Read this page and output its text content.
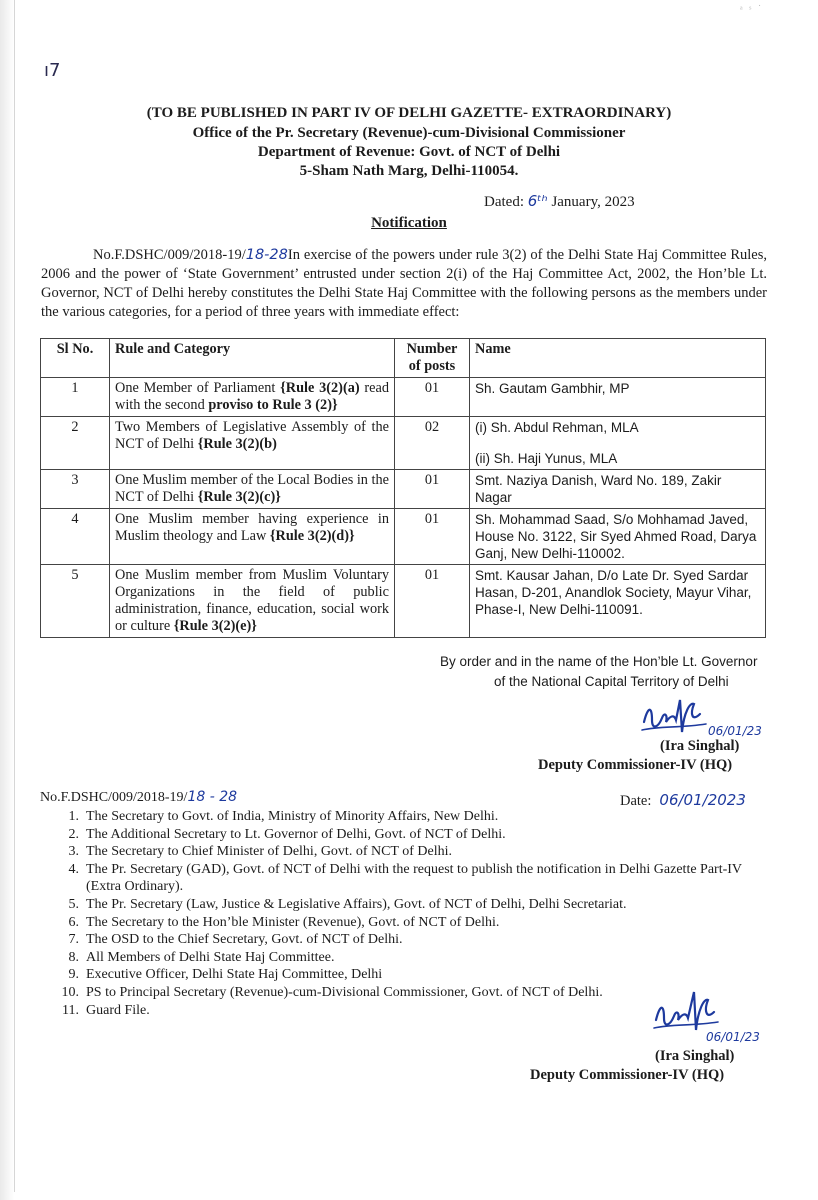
ı7
ᵃ ˢ ˙
(TO BE PUBLISHED IN PART IV OF DELHI GAZETTE- EXTRAORDINARY)
Office of the Pr. Secretary (Revenue)-cum-Divisional Commissioner
Department of Revenue: Govt. of NCT of Delhi
5-Sham Nath Marg, Delhi-110054.
Dated: 6ᵗʰ January, 2023
Notification
No.F.DSHC/009/2018-19/18-28In exercise of the powers under rule 3(2) of the Delhi State Haj Committee Rules, 2006 and the power of ‘State Government’ entrusted under section 2(i) of the Haj Committee Act, 2002, the Hon’ble Lt. Governor, NCT of Delhi hereby constitutes the Delhi State Haj Committee with the following persons as the members under the various categories, for a period of three years with immediate effect:
Sl No.	Rule and Category	Number of posts	Name
1	One Member of Parliament {Rule 3(2)(a) read with the second proviso to Rule 3 (2)}	01	Sh. Gautam Gambhir, MP
2	Two Members of Legislative Assembly of the NCT of Delhi {Rule 3(2)(b)	02	(i) Sh. Abdul Rehman, MLA
(ii) Sh. Haji Yunus, MLA
3	One Muslim member of the Local Bodies in the NCT of Delhi {Rule 3(2)(c)}	01	Smt. Naziya Danish, Ward No. 189, Zakir Nagar
4	One Muslim member having experience in Muslim theology and Law {Rule 3(2)(d)}	01	Sh. Mohammad Saad, S/o Mohhamad Javed, House No. 3122, Sir Syed Ahmed Road, Darya Ganj, New Delhi-110002.
5	One Muslim member from Muslim Voluntary Organizations in the field of public administration, finance, education, social work or culture {Rule 3(2)(e)}	01	Smt. Kausar Jahan, D/o Late Dr. Syed Sardar Hasan, D-201, Anandlok Society, Mayur Vihar, Phase-I, New Delhi-110091.
By order and in the name of the Hon’ble Lt. Governor
of the National Capital Territory of Delhi
06/01/23
(Ira Singhal)
Deputy Commissioner-IV (HQ)
No.F.DSHC/009/2018-19/18 - 28	Date: 06/01/2023
1. The Secretary to Govt. of India, Ministry of Minority Affairs, New Delhi.
2. The Additional Secretary to Lt. Governor of Delhi, Govt. of NCT of Delhi.
3. The Secretary to Chief Minister of Delhi, Govt. of NCT of Delhi.
4. The Pr. Secretary (GAD), Govt. of NCT of Delhi with the request to publish the notification in Delhi Gazette Part-IV (Extra Ordinary).
5. The Pr. Secretary (Law, Justice & Legislative Affairs), Govt. of NCT of Delhi, Delhi Secretariat.
6. The Secretary to the Hon’ble Minister (Revenue), Govt. of NCT of Delhi.
7. The OSD to the Chief Secretary, Govt. of NCT of Delhi.
8. All Members of Delhi State Haj Committee.
9. Executive Officer, Delhi State Haj Committee, Delhi
10. PS to Principal Secretary (Revenue)-cum-Divisional Commissioner, Govt. of NCT of Delhi.
11. Guard File.
06/01/23
(Ira Singhal)
Deputy Commissioner-IV (HQ)
